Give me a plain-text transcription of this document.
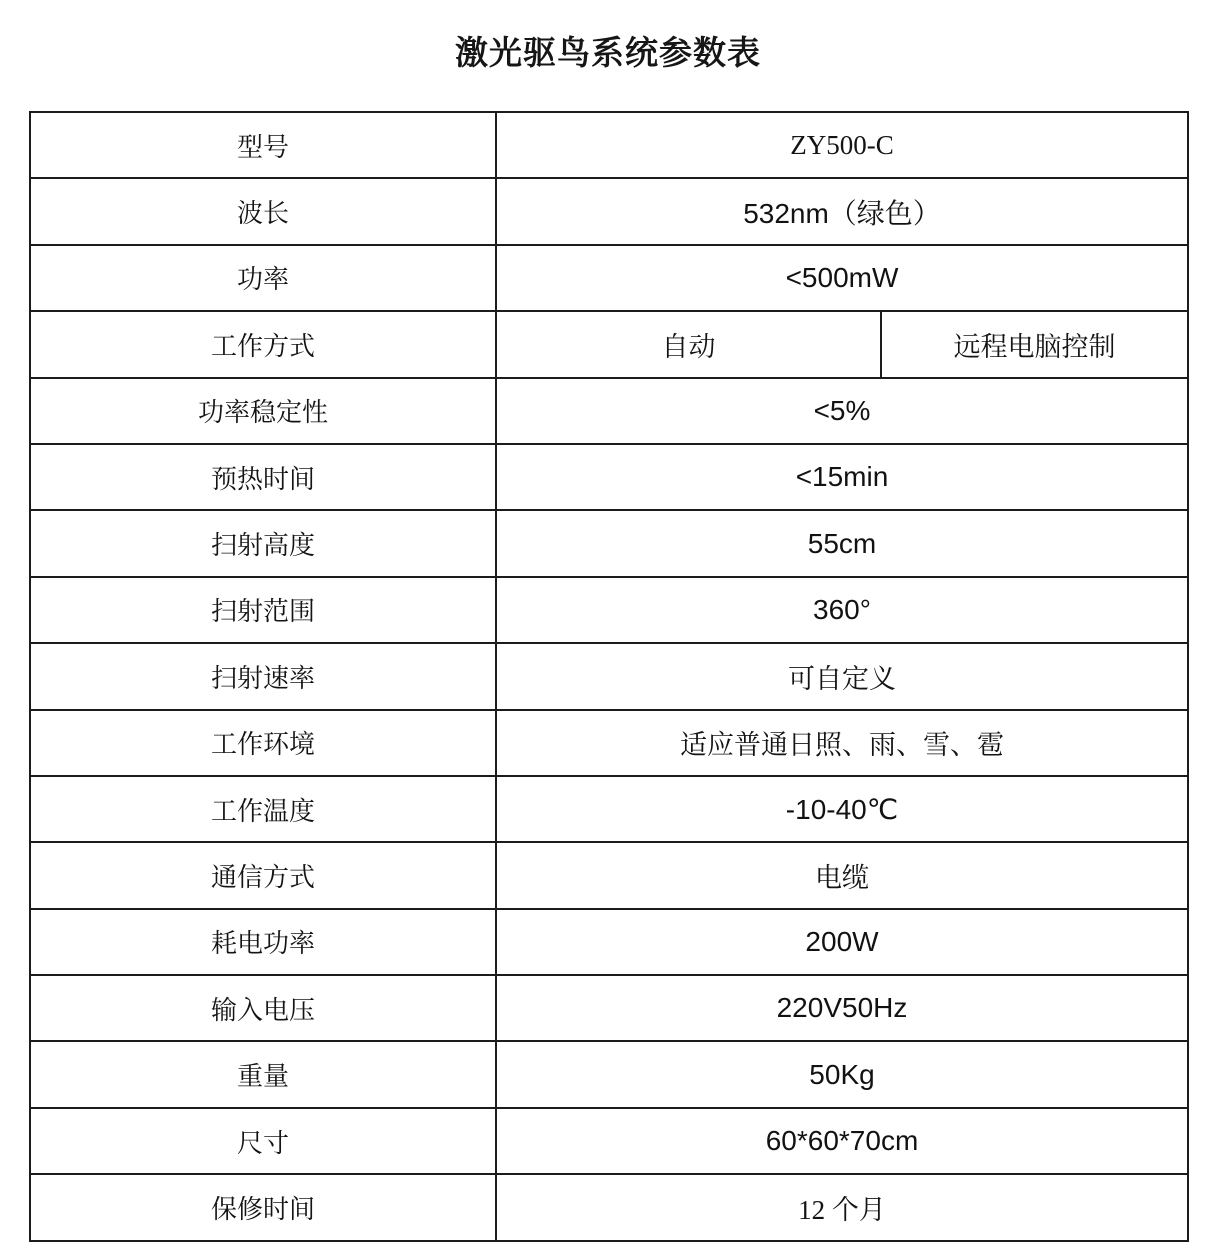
激光驱鸟系统参数表
型号	ZY500-C	
波长	532nm（绿色）	
功率	<500mW	
工作方式	自动	远程电脑控制
功率稳定性	<5%	
预热时间	<15min	
扫射高度	55cm	
扫射范围	360°	
扫射速率	可自定义	
工作环境	适应普通日照、雨、雪、雹	
工作温度	-10-40℃	
通信方式	电缆	
耗电功率	200W	
输入电压	220V50Hz	
重量	50Kg	
尺寸	60*60*70cm	
保修时间	12 个月	
